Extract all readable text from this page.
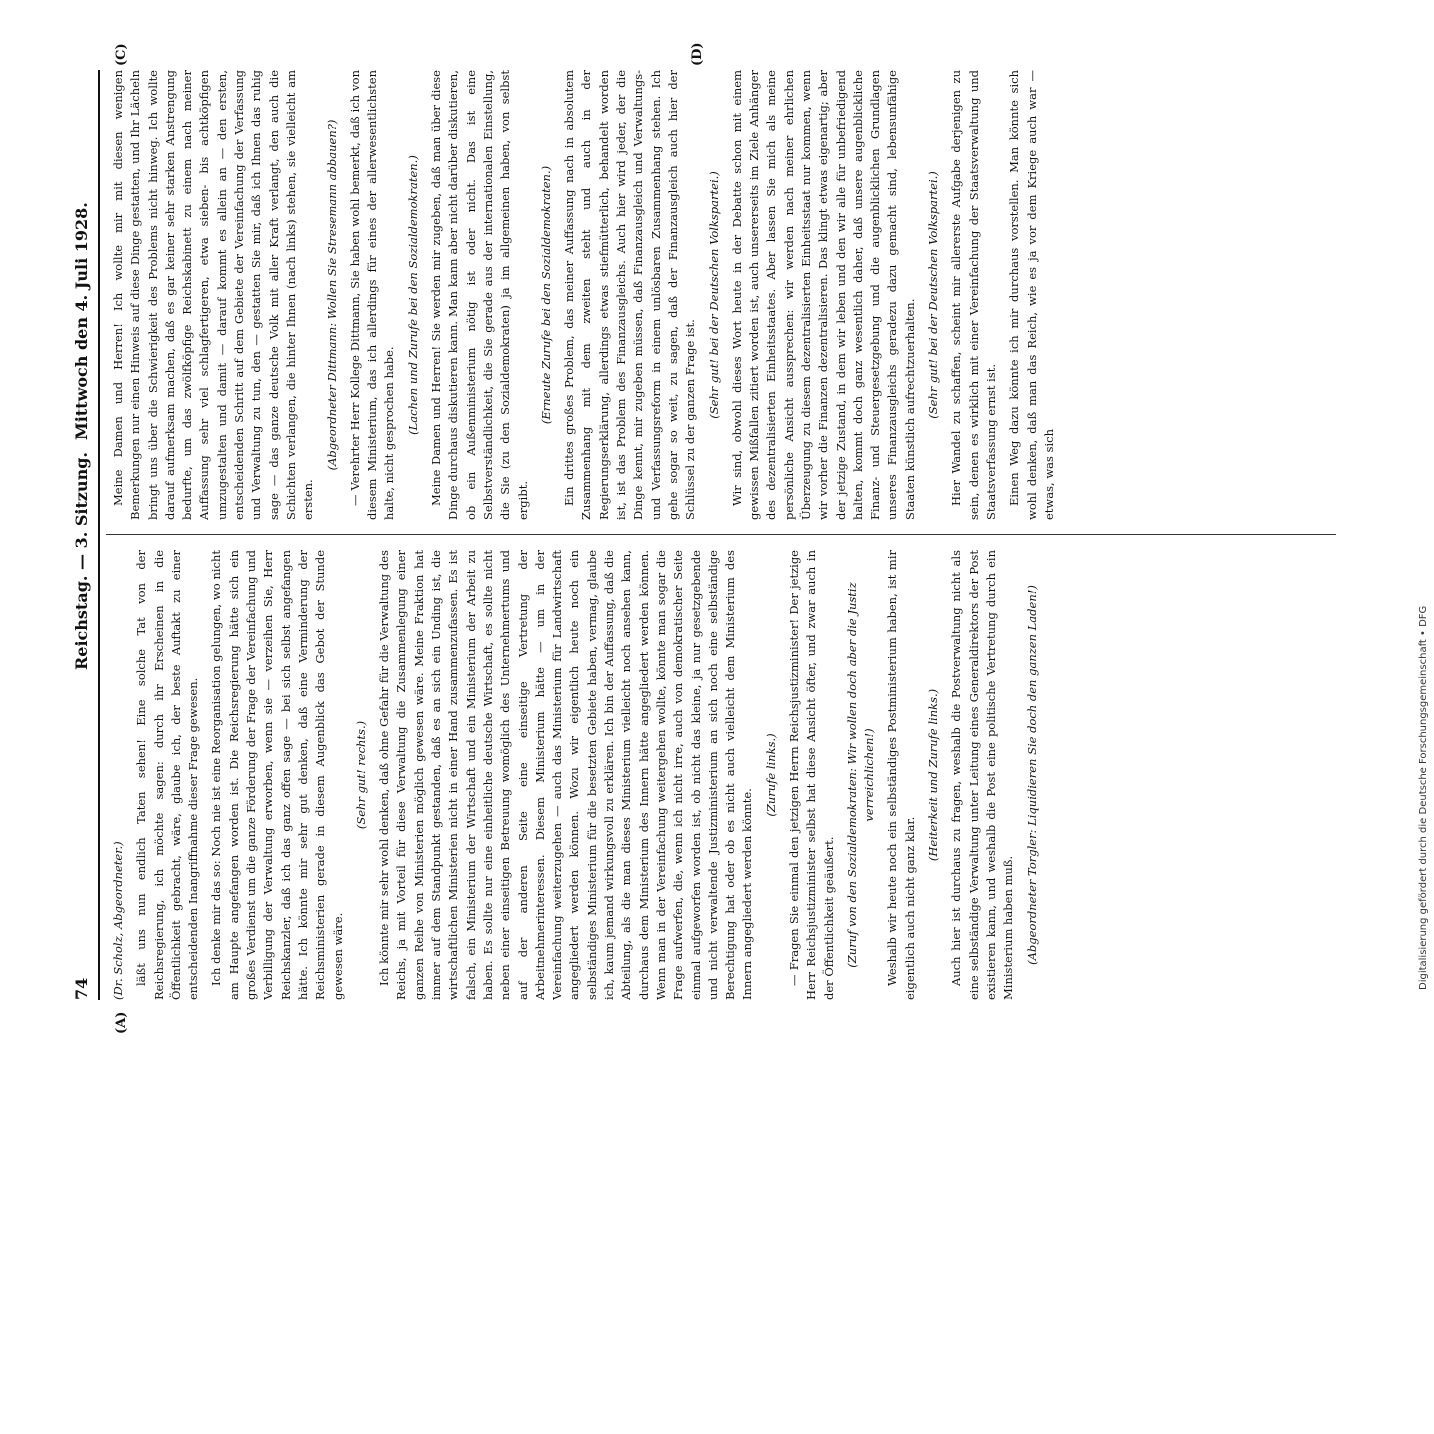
74
Reichstag. — 3. Sitzung.
Mittwoch den 4. Juli 1928.
(A)
(C)	(D)

(Dr. Scholz, Abgeordneter.) läßt uns nun endlich Taten sehen! Eine solche Tat von der Reichsregierung, ich möchte sagen: durch ihr Erscheinen in die Öffentlichkeit gebracht, wäre, glaube ich, der beste Auftakt zu einer entscheidenden Inangriffnahme dieser Frage gewesen. Ich denke mir das so: Noch nie ist eine Reorganisation gelungen, wo nicht am Haupte angefangen worden ist. Die Reichsregierung hätte sich ein großes Verdienst um die ganze Förderung der Frage der Vereinfachung und Verbilligung der Verwaltung erworben, wenn sie — verzeihen Sie, Herr Reichskanzler, daß ich das ganz offen sage — bei sich selbst angefangen hätte. Ich könnte mir sehr gut denken, daß eine Verminderung der Reichsministerien gerade in diesem Augenblick das Gebot der Stunde gewesen wäre.

(Sehr gut! rechts.) Ich könnte mir sehr wohl denken, daß ohne Gefahr für die Verwaltung des Reichs, ja mit Vorteil für diese Verwaltung die Zusammenlegung einer ganzen Reihe von Ministerien möglich gewesen wäre. Meine Fraktion hat immer auf dem Standpunkt gestanden, daß es an sich ein Unding ist, die wirtschaftlichen Ministerien nicht in einer Hand zusammenzufassen. Es ist falsch, ein Ministerium der Wirtschaft und ein Ministerium der Arbeit zu haben. Es sollte nur eine einheitliche deutsche Wirtschaft, es sollte nicht neben einer einseitigen Betreuung womöglich des Unternehmertums und auf der anderen Seite eine einseitige Vertretung der Arbeitnehmerinteressen. Diesem Ministerium hätte — um in der Vereinfachung weiterzugehen — auch das Ministerium für Landwirtschaft angegliedert werden können. Wozu wir eigentlich heute noch ein selbständiges Ministerium für die besetzten Gebiete haben, vermag, glaube ich, kaum jemand wirkungsvoll zu erklären. Ich bin der Auffassung, daß die Abteilung, als die man dieses Ministerium vielleicht noch ansehen kann, durchaus dem Ministerium des Innern hätte angegliedert werden können. Wenn man in der Vereinfachung weitergehen wollte, könnte man sogar die Frage aufwerfen, die, wenn ich nicht irre, auch von demokratischer Seite einmal aufgeworfen worden ist, ob nicht das kleine, ja nur gesetzgebende und nicht verwaltende Justizministerium an sich noch eine selbständige Berechtigung hat oder ob es nicht auch vielleicht dem Ministerium des Innern angegliedert werden könnte.

(Zurufe links.) — Fragen Sie einmal den jetzigen Herrn Reichsjustizminister! Der jetzige Herr Reichsjustizminister selbst hat diese Ansicht öfter, und zwar auch in der Öffentlichkeit geäußert. (Zuruf von den Sozialdemokraten: Wir wollen doch aber die Justiz verreichlichen!) Weshalb wir heute noch ein selbständiges Postministerium haben, ist mir eigentlich auch nicht ganz klar.

(Heiterkeit und Zurufe links.) Auch hier ist durchaus zu fragen, weshalb die Postverwaltung nicht als eine selbständige Verwaltung unter Leitung eines Generaldirektors der Post existieren kann, und weshalb die Post eine politische Vertretung durch ein Ministerium haben muß. (Abgeordneter Torgler: Liquidieren Sie doch den ganzen Laden!)

Meine Damen und Herren! Ich wollte mir mit diesen wenigen Bemerkungen nur einen Hinweis auf diese Dinge gestatten, und Ihr Lächeln bringt uns über die Schwierigkeit des Problems nicht hinweg. Ich wollte darauf aufmerksam machen, daß es gar keiner sehr starken Anstrengung bedurfte, um das zwölfköpfige Reichskabinett zu einem nach meiner Auffassung sehr viel schlagfertigeren, etwa sieben- bis achtköpfigen umzugestalten und damit — darauf kommt es allein an — den ersten, entscheidenden Schritt auf dem Gebiete der Vereinfachung der Verfassung und Verwaltung zu tun, den — gestatten Sie mir, daß ich Ihnen das ruhig sage — das ganze deutsche Volk mit aller Kraft verlangt, den auch die Schichten verlangen, die hinter Ihnen (nach links) stehen, sie vielleicht am ersten.

(Abgeordneter Dittmann: Wollen Sie Stresemann abbauen?) — Verehrter Herr Kollege Dittmann, Sie haben wohl bemerkt, daß ich von diesem Ministerium, das ich allerdings für eines der allerwesentlichsten halte, nicht gesprochen habe. (Lachen und Zurufe bei den Sozialdemokraten.) Meine Damen und Herren! Sie werden mir zugeben, daß man über diese Dinge durchaus diskutieren kann. Man kann aber nicht darüber diskutieren, ob ein Außenministerium nötig ist oder nicht. Das ist eine Selbstverständlichkeit, die Sie gerade aus der internationalen Einstellung, die Sie (zu den Sozialdemokraten) ja im allgemeinen haben, von selbst ergibt.

(Erneute Zurufe bei den Sozialdemokraten.) Ein drittes großes Problem, das meiner Auffassung nach in absolutem Zusammenhang mit dem zweiten steht und auch in der Regierungserklärung, allerdings etwas stiefmütterlich, behandelt worden ist, ist das Problem des Finanzausgleichs. Auch hier wird jeder, der die Dinge kennt, mir zugeben müssen, daß Finanzausgleich und Verwaltungs- und Verfassungsreform in einem unlösbaren Zusammenhang stehen. Ich gehe sogar so weit, zu sagen, daß der Finanzausgleich auch hier der Schlüssel zu der ganzen Frage ist.

(Sehr gut! bei der Deutschen Volkspartei.) Wir sind, obwohl dieses Wort heute in der Debatte schon mit einem gewissen Mißfallen zitiert worden ist, auch unsererseits im Ziele Anhänger des dezentralisierten Einheitsstaates. Aber lassen Sie mich als meine persönliche Ansicht aussprechen: wir werden nach meiner ehrlichen Überzeugung zu diesem dezentralisierten Einheitsstaat nur kommen, wenn wir vorher die Finanzen dezentralisieren. Das klingt etwas eigenartig; aber der jetzige Zustand, in dem wir leben und den wir alle für unbefriedigend halten, kommt doch ganz wesentlich daher, daß unsere augenblickliche Finanz- und Steuergesetzgebung und die augenblicklichen Grundlagen unseres Finanzausgleichs geradezu dazu gemacht sind, lebensunfähige Staaten künstlich aufrechtzuerhalten. (Sehr gut! bei der Deutschen Volkspartei.) Hier Wandel zu schaffen, scheint mir allererste Aufgabe derjenigen zu sein, denen es wirklich mit einer Vereinfachung der Staatsverwaltung und Staatsverfassung ernst ist. Einen Weg dazu könnte ich mir durchaus vorstellen. Man könnte sich wohl denken, daß man das Reich, wie es ja vor dem Kriege auch war — etwas, was sich

Digitalisierung gefördert durch die Deutsche Forschungsgemeinschaft • DFG
